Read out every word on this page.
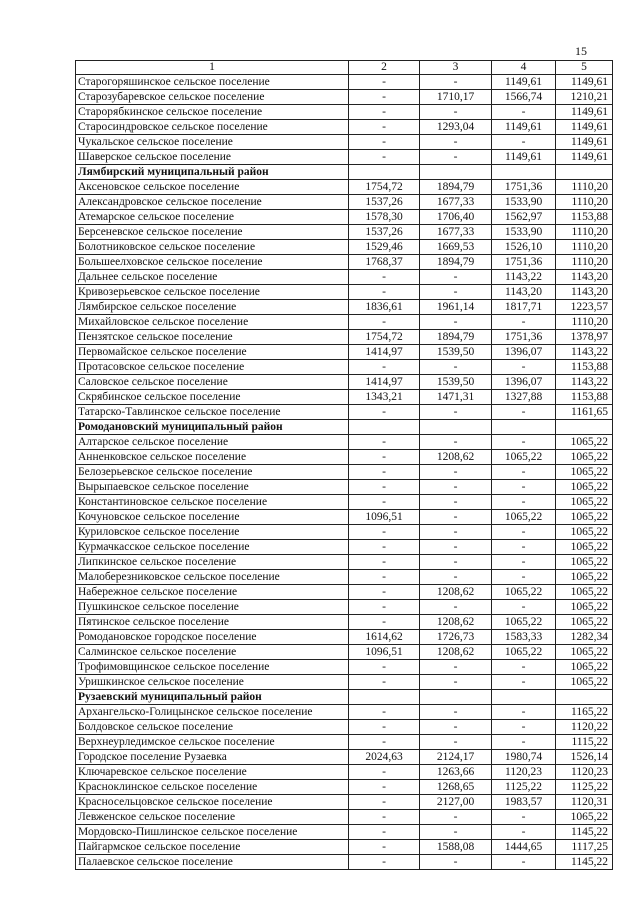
15
1	2	3	4	5
Старогоряшинское сельское поселение	-	-	1149,61	1149,61
Старозубаревское сельское поселение	-	1710,17	1566,74	1210,21
Старорябкинское сельское поселение	-	-	-	1149,61
Старосиндровское сельское поселение	-	1293,04	1149,61	1149,61
Чукальское сельское поселение	-	-	-	1149,61
Шаверское сельское поселение	-	-	1149,61	1149,61
Лямбирский муниципальный район				
Аксеновское сельское поселение	1754,72	1894,79	1751,36	1110,20
Александровское сельское поселение	1537,26	1677,33	1533,90	1110,20
Атемарское сельское поселение	1578,30	1706,40	1562,97	1153,88
Берсеневское сельское поселение	1537,26	1677,33	1533,90	1110,20
Болотниковское сельское поселение	1529,46	1669,53	1526,10	1110,20
Большеелховское сельское поселение	1768,37	1894,79	1751,36	1110,20
Дальнее сельское поселение	-	-	1143,22	1143,20
Кривозерьевское сельское поселение	-	-	1143,20	1143,20
Лямбирское сельское поселение	1836,61	1961,14	1817,71	1223,57
Михайловское сельское поселение	-	-	-	1110,20
Пензятское сельское поселение	1754,72	1894,79	1751,36	1378,97
Первомайское сельское поселение	1414,97	1539,50	1396,07	1143,22
Протасовское сельское поселение	-	-	-	1153,88
Саловское сельское поселение	1414,97	1539,50	1396,07	1143,22
Скрябинское сельское поселение	1343,21	1471,31	1327,88	1153,88
Татарско-Тавлинское сельское поселение	-	-	-	1161,65
Ромодановский муниципальный район				
Алтарское сельское поселение	-	-	-	1065,22
Анненковское сельское поселение	-	1208,62	1065,22	1065,22
Белозерьевское сельское поселение	-	-	-	1065,22
Вырыпаевское сельское поселение	-	-	-	1065,22
Константиновское сельское поселение	-	-	-	1065,22
Кочуновское сельское поселение	1096,51	-	1065,22	1065,22
Куриловское сельское поселение	-	-	-	1065,22
Курмачкасское сельское поселение	-	-	-	1065,22
Липкинское сельское поселение	-	-	-	1065,22
Малоберезниковское сельское поселение	-	-	-	1065,22
Набережное сельское поселение	-	1208,62	1065,22	1065,22
Пушкинское сельское поселение	-	-	-	1065,22
Пятинское сельское поселение	-	1208,62	1065,22	1065,22
Ромодановское городское поселение	1614,62	1726,73	1583,33	1282,34
Салминское сельское поселение	1096,51	1208,62	1065,22	1065,22
Трофимовщинское сельское поселение	-	-	-	1065,22
Уришкинское сельское поселение	-	-	-	1065,22
Рузаевский муниципальный район				
Архангельско-Голицынское сельское поселение	-	-	-	1165,22
Болдовское сельское поселение	-	-	-	1120,22
Верхнеурледимское сельское поселение	-	-	-	1115,22
Городское поселение Рузаевка	2024,63	2124,17	1980,74	1526,14
Ключаревское сельское поселение	-	1263,66	1120,23	1120,23
Красноклинское сельское поселение	-	1268,65	1125,22	1125,22
Красносельцовское сельское поселение	-	2127,00	1983,57	1120,31
Левженское сельское поселение	-	-	-	1065,22
Мордовско-Пишлинское сельское поселение	-	-	-	1145,22
Пайгармское сельское поселение	-	1588,08	1444,65	1117,25
Палаевское сельское поселение	-	-	-	1145,22
